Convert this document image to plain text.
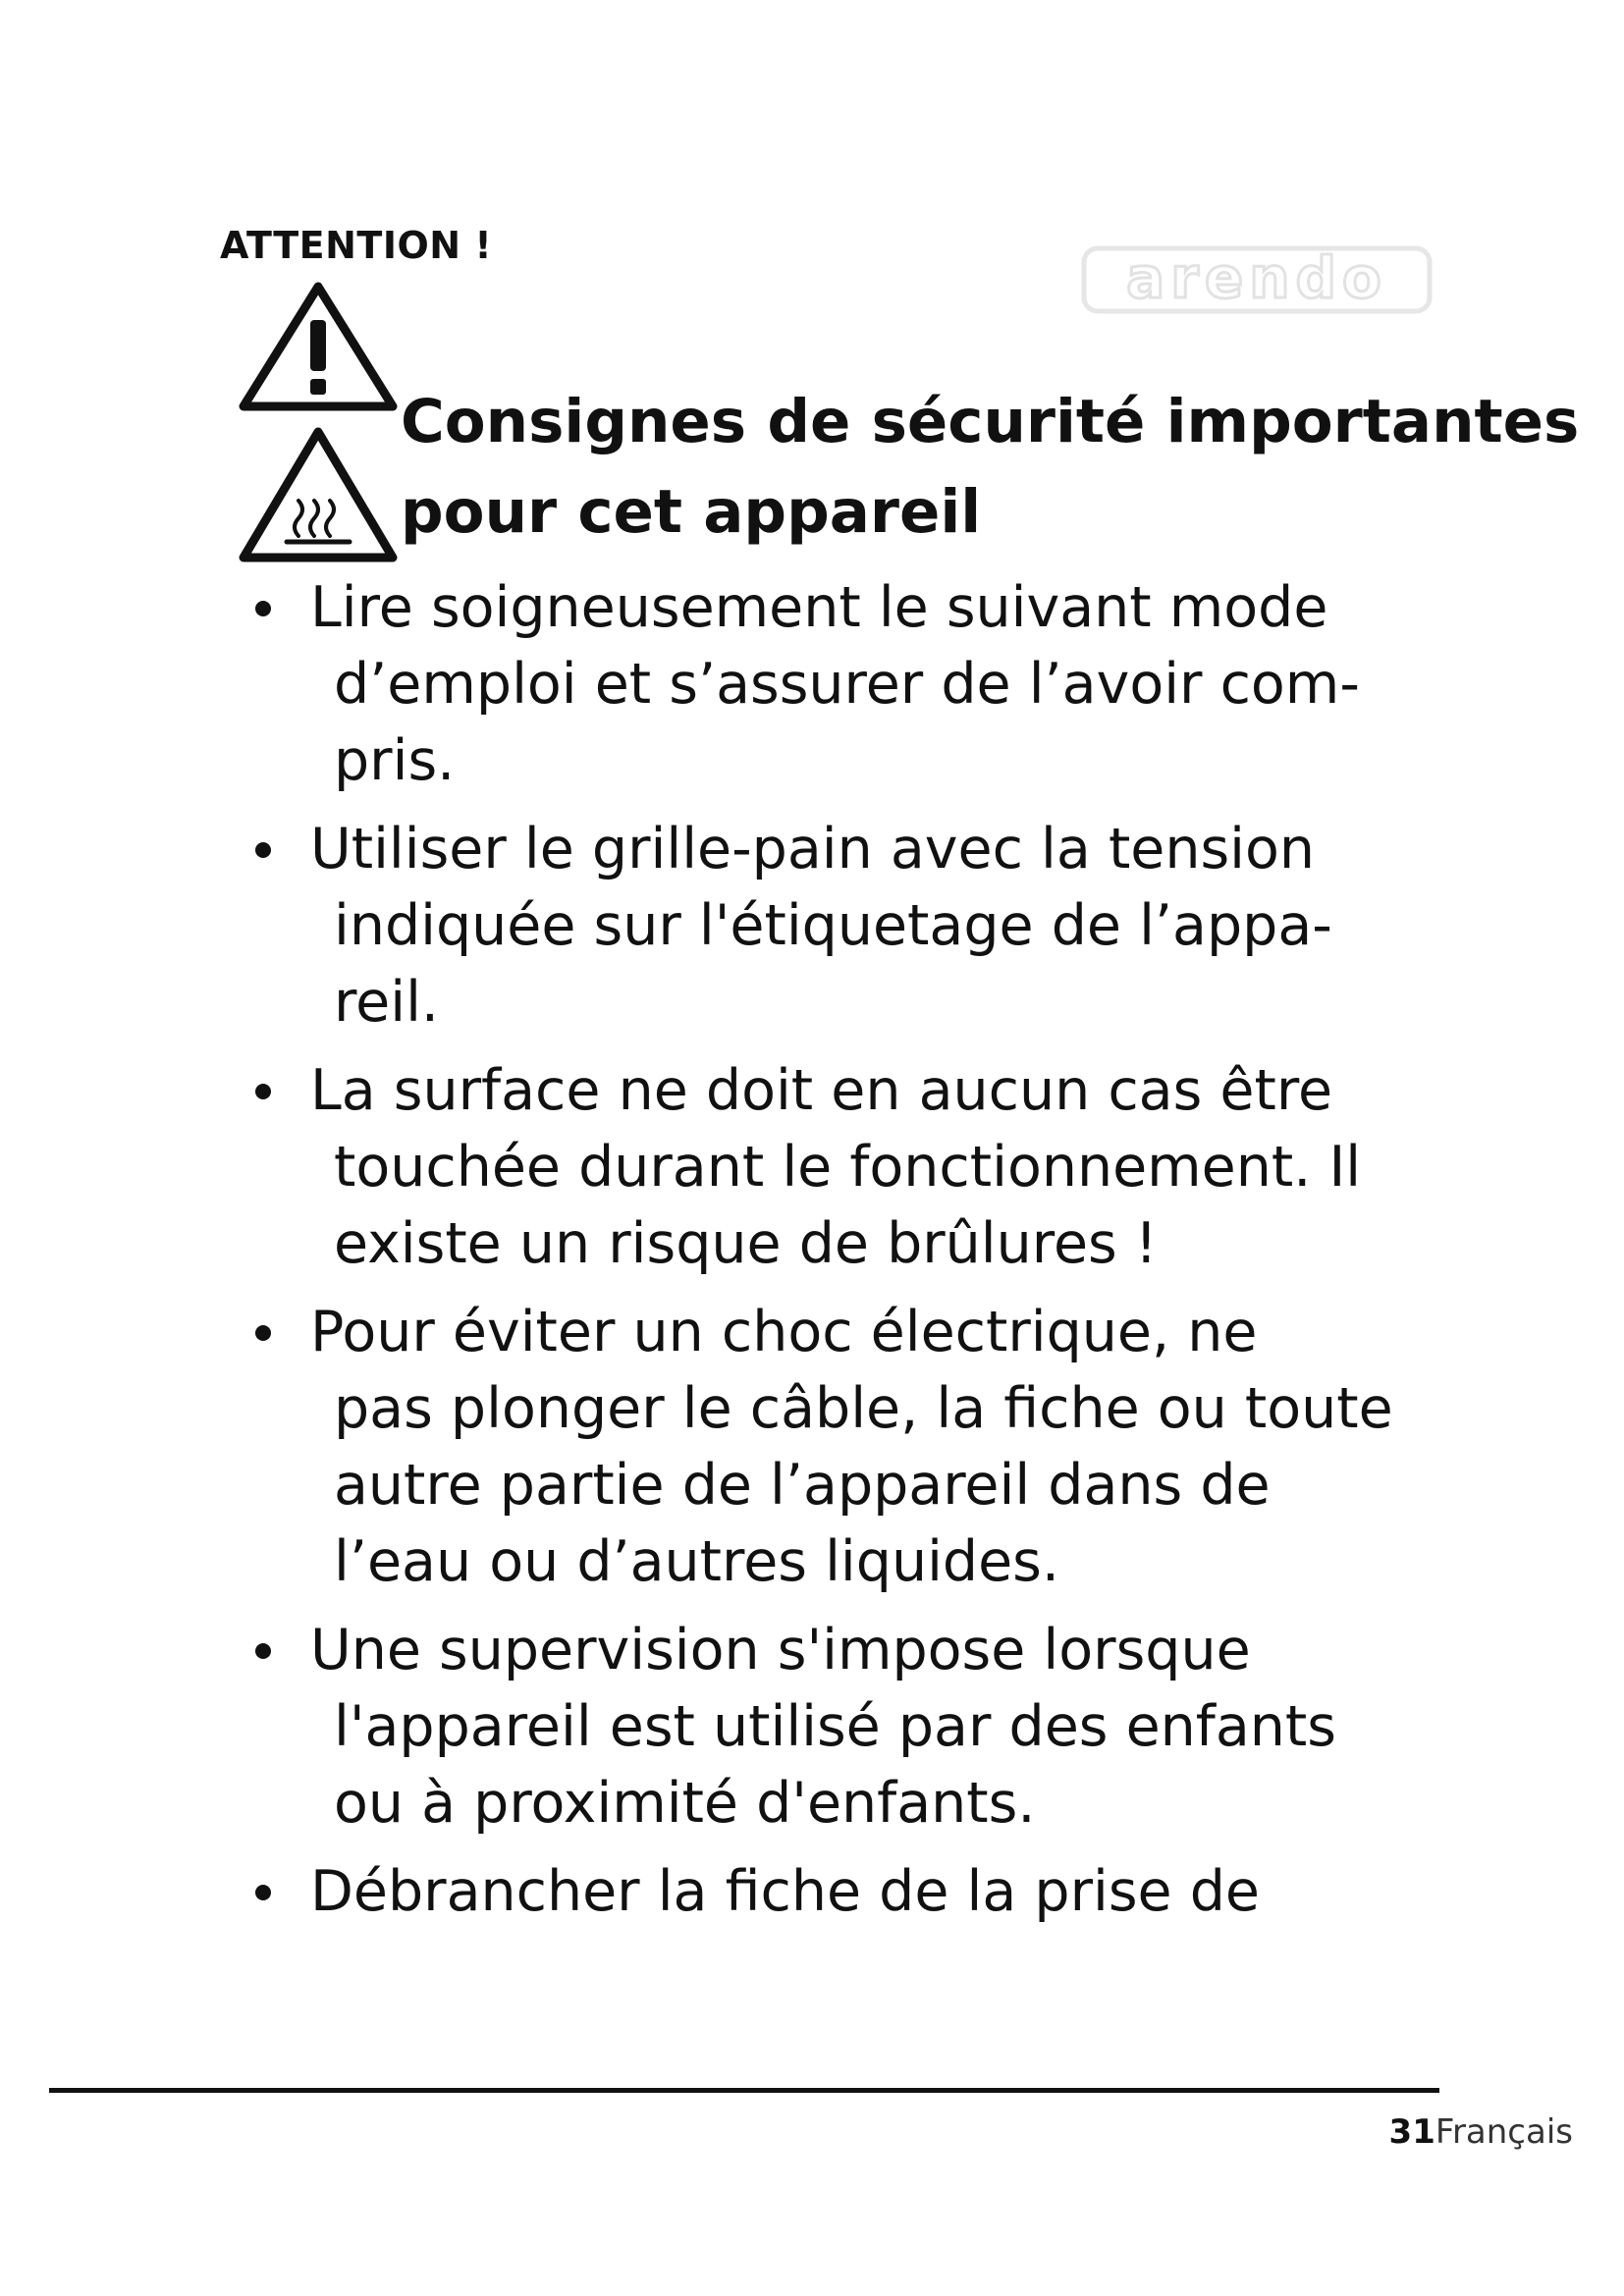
ATTENTION !	arendo
Consignes de sécurité importantes
pour cet appareil
Lire soigneusement le suivant mode
d’emploi et s’assurer de l’avoir com-
pris.
Utiliser le grille-pain avec la tension
indiquée sur l'étiquetage de l’appa-
reil.
La surface ne doit en aucun cas être
touchée durant le fonctionnement. Il
existe un risque de brûlures !
Pour éviter un choc électrique, ne
pas plonger le câble, la fiche ou toute
autre partie de l’appareil dans de
l’eau ou d’autres liquides.
Une supervision s'impose lorsque
l'appareil est utilisé par des enfants
ou à proximité d'enfants.
Débrancher la fiche de la prise de
31Français
